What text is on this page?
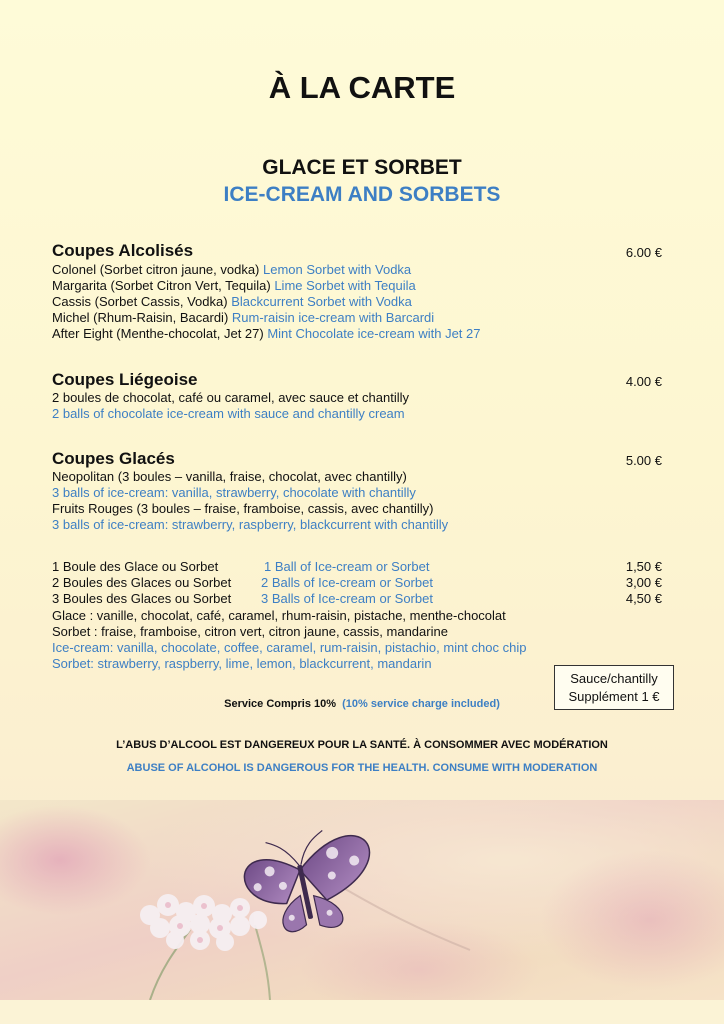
À LA CARTE
GLACE ET SORBET
ICE-CREAM AND SORBETS
Coupes Alcolisés	6.00 €
Colonel (Sorbet citron jaune, vodka) Lemon Sorbet with Vodka
Margarita (Sorbet Citron Vert, Tequila) Lime Sorbet with Tequila
Cassis (Sorbet Cassis, Vodka) Blackcurrent Sorbet with Vodka
Michel (Rhum-Raisin, Bacardi) Rum-raisin ice-cream with Barcardi
After Eight (Menthe-chocolat, Jet 27) Mint Chocolate ice-cream with Jet 27
Coupes Liégeoise	4.00 €
2 boules de chocolat, café ou caramel, avec sauce et chantilly
2 balls of chocolate ice-cream with sauce and chantilly cream
Coupes Glacés	5.00 €
Neopolitan (3 boules – vanilla, fraise, chocolat, avec chantilly)
3 balls of ice-cream: vanilla, strawberry, chocolate with chantilly
Fruits Rouges (3 boules – fraise, framboise, cassis, avec chantilly)
3 balls of ice-cream: strawberry, raspberry, blackcurrent with chantilly
1 Boule des Glace ou Sorbet	1 Ball of Ice-cream or Sorbet	1,50 €
2 Boules des Glaces ou Sorbet 2 Balls of Ice-cream or Sorbet	3,00 €
3 Boules des Glaces ou Sorbet 3 Balls of Ice-cream or Sorbet	4,50 €
Glace : vanille, chocolat, café, caramel, rhum-raisin, pistache, menthe-chocolat
Sorbet : fraise, framboise, citron vert, citron jaune, cassis, mandarine
Ice-cream: vanilla, chocolate, coffee, caramel, rum-raisin, pistachio, mint choc chip
Sorbet: strawberry, raspberry, lime, lemon, blackcurrent, mandarin
Sauce/chantilly
Supplément 1 €
Service Compris 10% (10% service charge included)
L’ABUS D’ALCOOL EST DANGEREUX POUR LA SANTÉ. À CONSOMMER AVEC MODÉRATION
ABUSE OF ALCOHOL IS DANGEROUS FOR THE HEALTH. CONSUME WITH MODERATION
